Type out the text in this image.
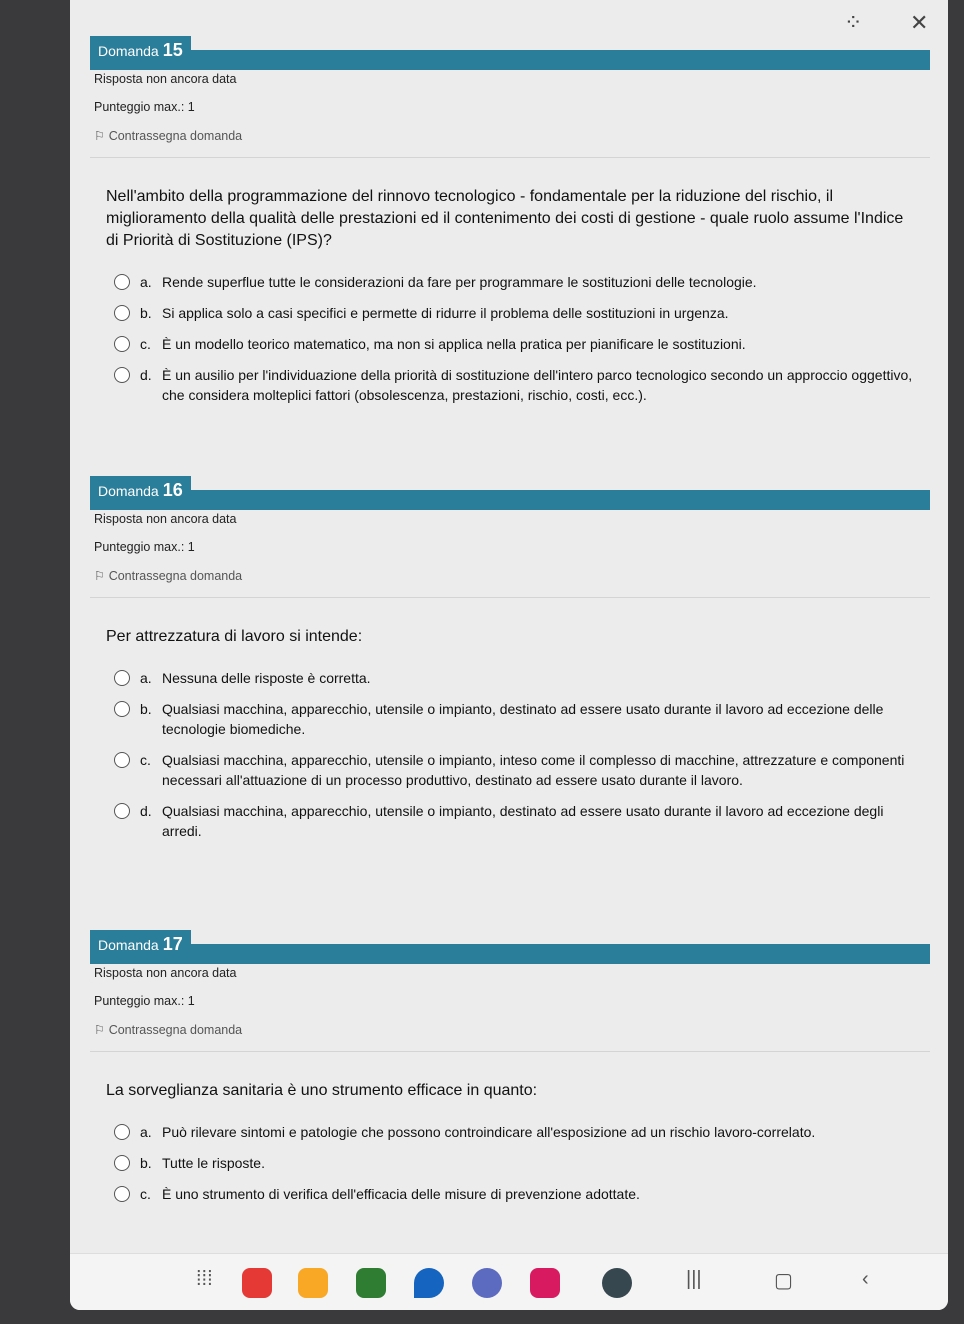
⁘ ✕
Domanda 15
Risposta non ancora data
Punteggio max.: 1
⚐ Contrassegna domanda
Nell'ambito della programmazione del rinnovo tecnologico - fondamentale per la riduzione del rischio, il miglioramento della qualità delle prestazioni ed il contenimento dei costi di gestione - quale ruolo assume l'Indice di Priorità di Sostituzione (IPS)?
a. Rende superflue tutte le considerazioni da fare per programmare le sostituzioni delle tecnologie.
b. Si applica solo a casi specifici e permette di ridurre il problema delle sostituzioni in urgenza.
c. È un modello teorico matematico, ma non si applica nella pratica per pianificare le sostituzioni.
d. È un ausilio per l'individuazione della priorità di sostituzione dell'intero parco tecnologico secondo un approccio oggettivo, che considera molteplici fattori (obsolescenza, prestazioni, rischio, costi, ecc.).
Domanda 16
Risposta non ancora data
Punteggio max.: 1
⚐ Contrassegna domanda
Per attrezzatura di lavoro si intende:
a. Nessuna delle risposte è corretta.
b. Qualsiasi macchina, apparecchio, utensile o impianto, destinato ad essere usato durante il lavoro ad eccezione delle tecnologie biomediche.
c. Qualsiasi macchina, apparecchio, utensile o impianto, inteso come il complesso di macchine, attrezzature e componenti necessari all'attuazione di un processo produttivo, destinato ad essere usato durante il lavoro.
d. Qualsiasi macchina, apparecchio, utensile o impianto, destinato ad essere usato durante il lavoro ad eccezione degli arredi.
Domanda 17
Risposta non ancora data
Punteggio max.: 1
⚐ Contrassegna domanda
La sorveglianza sanitaria è uno strumento efficace in quanto:
a. Può rilevare sintomi e patologie che possono controindicare all'esposizione ad un rischio lavoro-correlato.
b. Tutte le risposte.
c. È uno strumento di verifica dell'efficacia delle misure di prevenzione adottate.
⁞⁞⁞	|||	▢	‹
